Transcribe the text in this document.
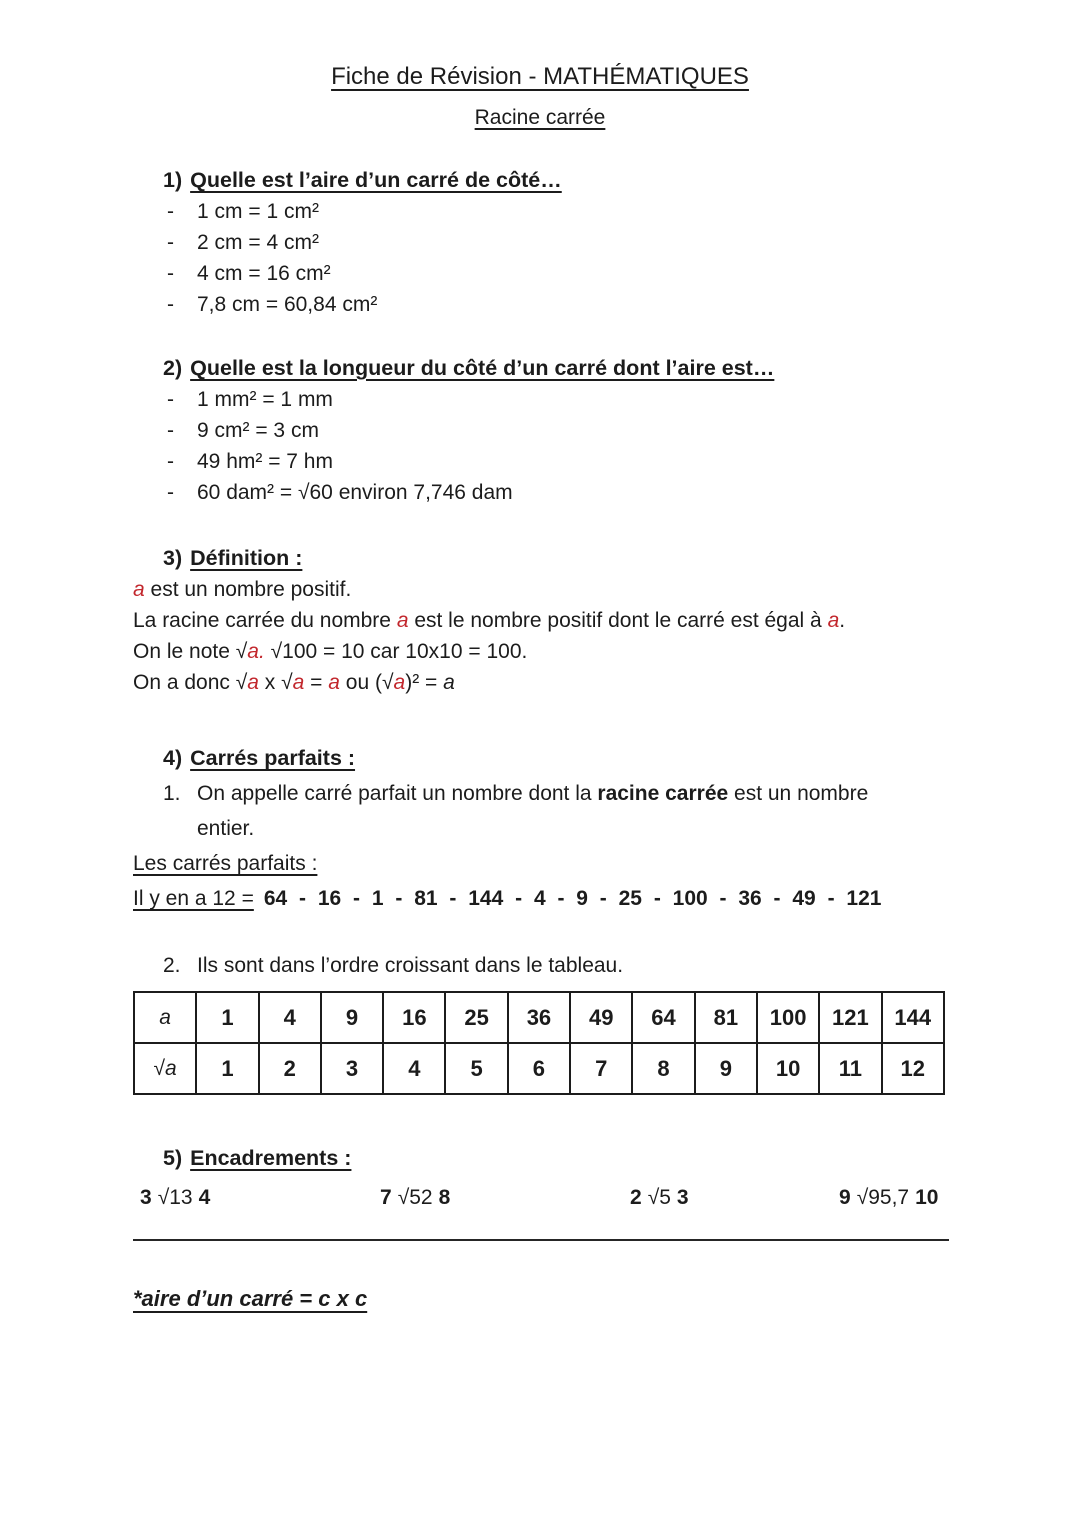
Fiche de Révision - MATHÉMATIQUES
Racine carrée
1) Quelle est l’aire d’un carré de côté…
-	1 cm = 1 cm²
-	2 cm = 4 cm²
-	4 cm = 16 cm²
-	7,8 cm = 60,84 cm²
2) Quelle est la longueur du côté d’un carré dont l’aire est…
-	1 mm² = 1 mm
-	9 cm² = 3 cm
-	49 hm² = 7 hm
-	60 dam² = √60 environ 7,746 dam
3) Définition :
a est un nombre positif.
La racine carrée du nombre a est le nombre positif dont le carré est égal à a.
On le note √a. √100 = 10 car 10x10 = 100.
On a donc √a x √a = a ou (√a)² = a
4) Carrés parfaits :
1. On appelle carré parfait un nombre dont la racine carrée est un nombre
entier.
Les carrés parfaits :
Il y en a 12 = 64 - 16 - 1 - 81 - 144 - 4 - 9 - 25 - 100 - 36 - 49 - 121
2. Ils sont dans l’ordre croissant dans le tableau.
a	1	4	9	16	25	36	49	64	81	100	121	144
√a	1	2	3	4	5	6	7	8	9	10	11	12
5) Encadrements :
3 √13 4	7 √52 8	2 √5 3	9 √95,7 10
*aire d’un carré = c x c
